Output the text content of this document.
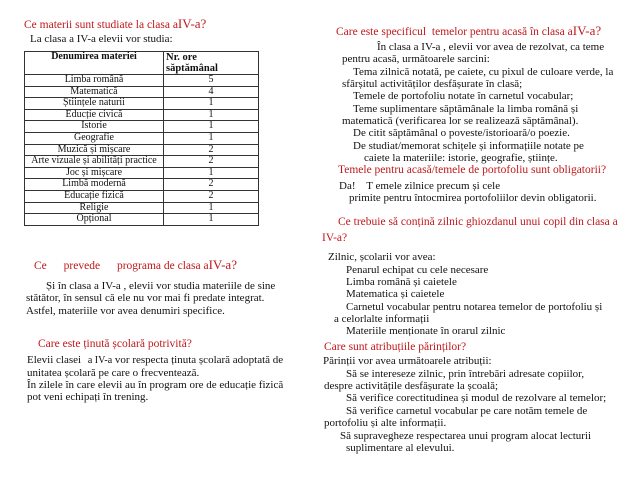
Ce materii sunt studiate la clasa aIV-a?
La clasa a IV-a elevii vor studia:
Denumirea materiei	Nr. ore
săptămânal

Limba română	5
Matematică	4
Științele naturii	1
Educție civică	1
Istorie	1
Geografie	1
Muzică și mișcare	2
Arte vizuale și abilități practice	2
Joc și mișcare	1
Limbă modernă	2
Educație fizică	2
Religie	1
Opțional	1
Ce prevede programa de clasa aIV-a?
Și în clasa a IV-a , elevii vor studia materiile de sine
stătător, în sensul că ele nu vor mai fi predate integrat.
Astfel, materiile vor avea denumiri specifice.
Care este ținută școlară potrivită?
Elevii clasei a IV-a vor respecta ținuta școlară adoptată de
unitatea școlară pe care o frecventează.
În zilele în care elevii au în program ore de educație fizică
pot veni echipați în trening.
Care este specificul temelor pentru acasă în clasa aIV-a?
În clasa a IV-a , elevii vor avea de rezolvat, ca teme
pentru acasă, următoarele sarcini:
Tema zilnică notată, pe caiete, cu pixul de culoare verde, la
sfârșitul activităților desfășurate în clasă;
Temele de portofoliu notate în carnetul vocabular;
Teme suplimentare săptămânale la limba română și
matematică (verificarea lor se realizează săptămânal).
De citit săptămânal o poveste/istorioară/o poezie.
De studiat/memorat schițele și informațiile notate pe
caiete la materiile: istorie, geografie, științe.
Temele pentru acasă/temele de portofoliu sunt obligatorii?
Da! T emele zilnice precum și cele
primite pentru întocmirea portofoliilor devin obligatorii.
Ce trebuie să conțină zilnic ghiozdanul unui copil din clasa a
IV-a?
Zilnic, școlarii vor avea:
Penarul echipat cu cele necesare
Limba română și caietele
Matematica și caietele
Carnetul vocabular pentru notarea temelor de portofoliu și
a celorlalte informații
Materiile menționate în orarul zilnic
Care sunt atribuțiile părinților?
Părinții vor avea următoarele atribuții:
Să se intereseze zilnic, prin întrebări adresate copiilor,
despre activitățile desfășurate la școală;
Să verifice corectitudinea și modul de rezolvare al temelor;
Să verifice carnetul vocabular pe care notăm temele de
portofoliu și alte informații.
Să supravegheze respectarea unui program alocat lecturii
suplimentare al elevului.
